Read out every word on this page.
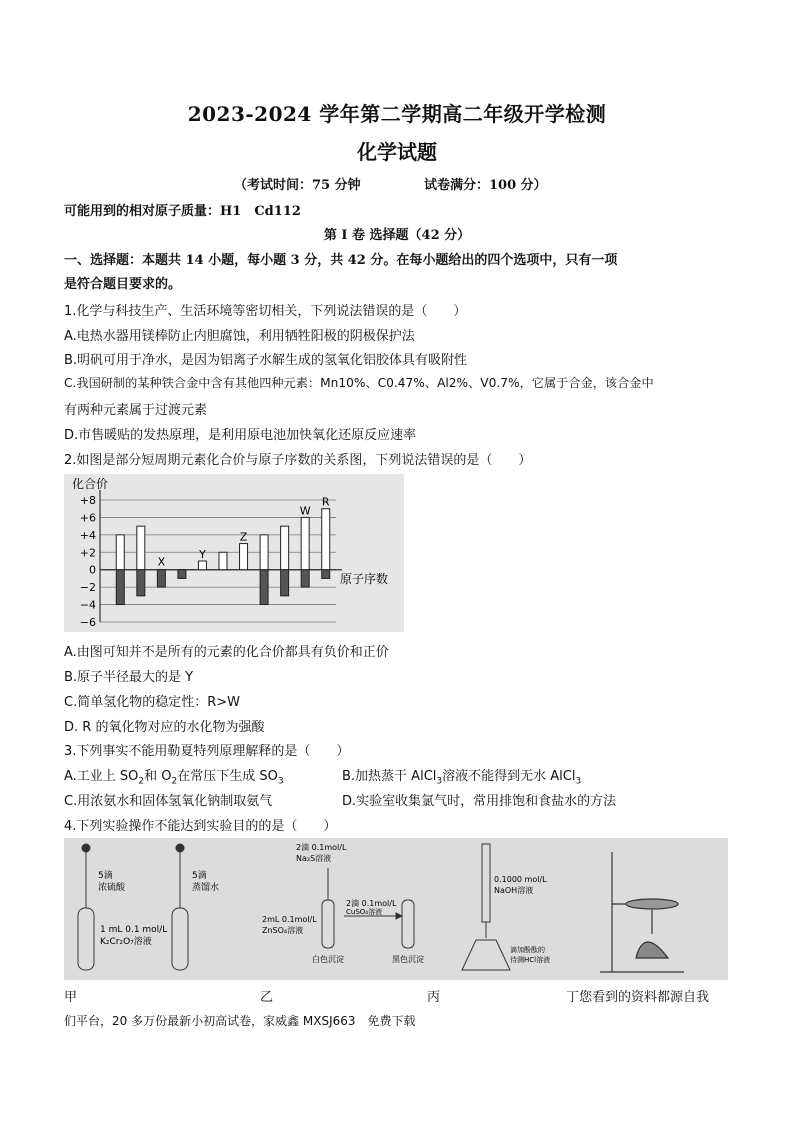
2023-2024 学年第二学期高二年级开学检测
化学试题
（考试时间：75 分钟	试卷满分：100 分）
可能用到的相对原子质量：H1　Cd112
第 I 卷 选择题（42 分）
一、选择题：本题共 14 小题，每小题 3 分，共 42 分。在每小题给出的四个选项中，只有一项
是符合题目要求的。
1.化学与科技生产、生活环境等密切相关，下列说法错误的是（　　）
A.电热水器用镁棒防止内胆腐蚀，利用牺牲阳极的阴极保护法
B.明矾可用于净水，是因为铝离子水解生成的氢氧化铝胶体具有吸附性
C.我国研制的某种铁合金中含有其他四种元素：Mn10%、C0.47%、Al2%、V0.7%，它属于合金，该合金中
有两种元素属于过渡元素
D.市售暖贴的发热原理，是利用原电池加快氧化还原反应速率
2.如图是部分短周期元素化合价与原子序数的关系图，下列说法错误的是（　　）
+8
+6
+4
+2
0
−2
−4
−6
X
Y
Z
W
R
化合价
原子序数
A.由图可知并不是所有的元素的化合价都具有负价和正价
B.原子半径最大的是 Y
C.简单氢化物的稳定性：R>W
D. R 的氧化物对应的水化物为强酸
3.下列事实不能用勒夏特列原理解释的是（　　）
A.工业上 $SO_2$和 $O_2$在常压下生成 $SO_3$	B.加热蒸干 AlCl$_3$溶液不能得到无水 AlCl$_3$
C.用浓氨水和固体氢氧化钠制取氨气	D.实验室收集氯气时，常用排饱和食盐水的方法
4.下列实验操作不能达到实验目的的是（　　）
5滴
浓硫酸
5滴
蒸馏水
1 mL 0.1 mol/L
K₂Cr₂O₇溶液
2滴 0.1mol/L
Na₂S溶液
2mL 0.1mol/L
ZnSO₄溶液
2滴 0.1mol/L
CuSO₄溶液
白色沉淀	黑色沉淀
0.1000 mol/L
NaOH溶液
滴加酚酞的
待测HCl溶液
甲	乙	丙	丁您看到的资料都源自我
们平台，20 多万份最新小初高试卷，家威鑫 MXSJ663　免费下载
